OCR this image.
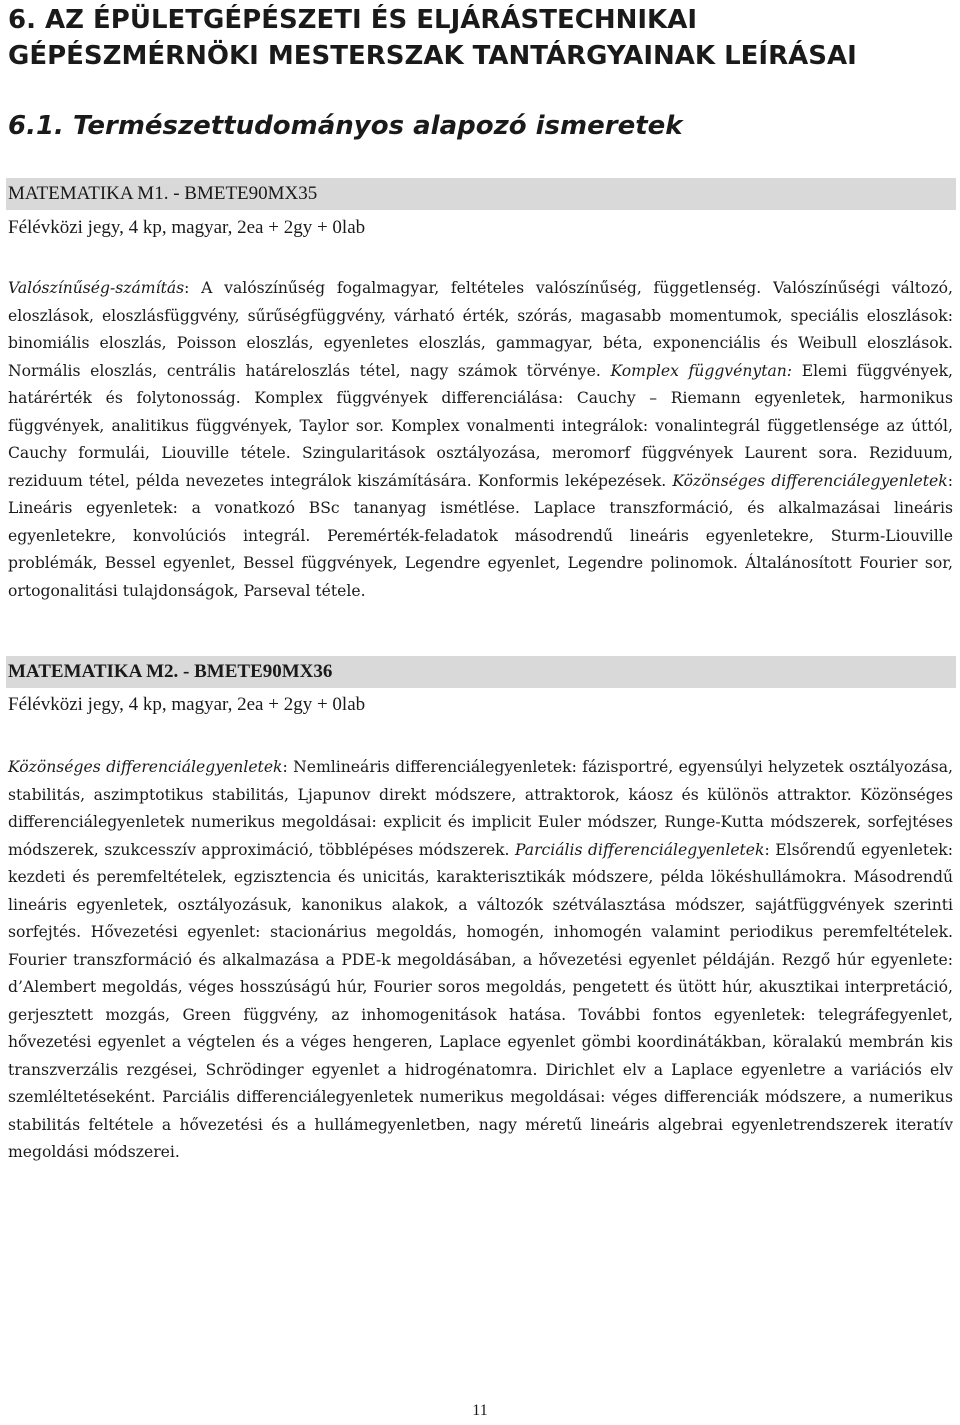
6. AZ ÉPÜLETGÉPÉSZETI ÉS ELJÁRÁSTECHNIKAI
GÉPÉSZMÉRNÖKI MESTERSZAK TANTÁRGYAINAK LEÍRÁSAI
6.1. Természettudományos alapozó ismeretek
MATEMATIKA M1. - BMETE90MX35

Félévközi jegy, 4 kp, magyar, 2ea + 2gy + 0lab

Valószínűség-számítás: A valószínűség fogalmagyar, feltételes valószínűség, függetlenség. Valószínűségi változó, eloszlások, eloszlásfüggvény, sűrűségfüggvény, várható érték, szórás, magasabb momentumok, speciális eloszlások: binomiális eloszlás, Poisson eloszlás, egyenletes eloszlás, gammagyar, béta, exponenciális és Weibull eloszlások. Normális eloszlás, centrális határeloszlás tétel, nagy számok törvénye. Komplex függvénytan: Elemi függvények, határérték és folytonosság. Komplex függvények differenciálása: Cauchy – Riemann egyenletek, harmonikus függvények, analitikus függvények, Taylor sor. Komplex vonalmenti integrálok: vonalintegrál függetlensége az úttól, Cauchy formulái, Liouville tétele. Szingularitások osztályozása, meromorf függvények Laurent sora. Reziduum, reziduum tétel, példa nevezetes integrálok kiszámítására. Konformis leképezések. Közönséges differenciálegyenletek: Lineáris egyenletek: a vonatkozó BSc tananyag ismétlése. Laplace transzformáció, és alkalmazásai lineáris egyenletekre, konvolúciós integrál. Peremérték-feladatok másodrendű lineáris egyenletekre, Sturm-Liouville problémák, Bessel egyenlet, Bessel függvények, Legendre egyenlet, Legendre polinomok. Általánosított Fourier sor, ortogonalitási tulajdonságok, Parseval tétele.

MATEMATIKA M2. - BMETE90MX36

Félévközi jegy, 4 kp, magyar, 2ea + 2gy + 0lab

Közönséges differenciálegyenletek: Nemlineáris differenciálegyenletek: fázisportré, egyensúlyi helyzetek osztályozása, stabilitás, aszimptotikus stabilitás, Ljapunov direkt módszere, attraktorok, káosz és különös attraktor. Közönséges differenciálegyenletek numerikus megoldásai: explicit és implicit Euler módszer, Runge-Kutta módszerek, sorfejtéses módszerek, szukcesszív approximáció, többlépéses módszerek. Parciális differenciálegyenletek: Elsőrendű egyenletek: kezdeti és peremfeltételek, egzisztencia és unicitás, karakterisztikák módszere, példa lökéshullámokra. Másodrendű lineáris egyenletek, osztályozásuk, kanonikus alakok, a változók szétválasztása módszer, sajátfüggvények szerinti sorfejtés. Hővezetési egyenlet: stacionárius megoldás, homogén, inhomogén valamint periodikus peremfeltételek. Fourier transzformáció és alkalmazása a PDE-k megoldásában, a hővezetési egyenlet példáján. Rezgő húr egyenlete: d’Alembert megoldás, véges hosszúságú húr, Fourier soros megoldás, pengetett és ütött húr, akusztikai interpretáció, gerjesztett mozgás, Green függvény, az inhomogenitások hatása. További fontos egyenletek: telegráfegyenlet, hővezetési egyenlet a végtelen és a véges hengeren, Laplace egyenlet gömbi koordinátákban, köralakú membrán kis transzverzális rezgései, Schrödinger egyenlet a hidrogénatomra. Dirichlet elv a Laplace egyenletre a variációs elv szemléltetéseként. Parciális differenciálegyenletek numerikus megoldásai: véges differenciák módszere, a numerikus stabilitás feltétele a hővezetési és a hullámegyenletben, nagy méretű lineáris algebrai egyenletrendszerek iteratív megoldási módszerei.

11
